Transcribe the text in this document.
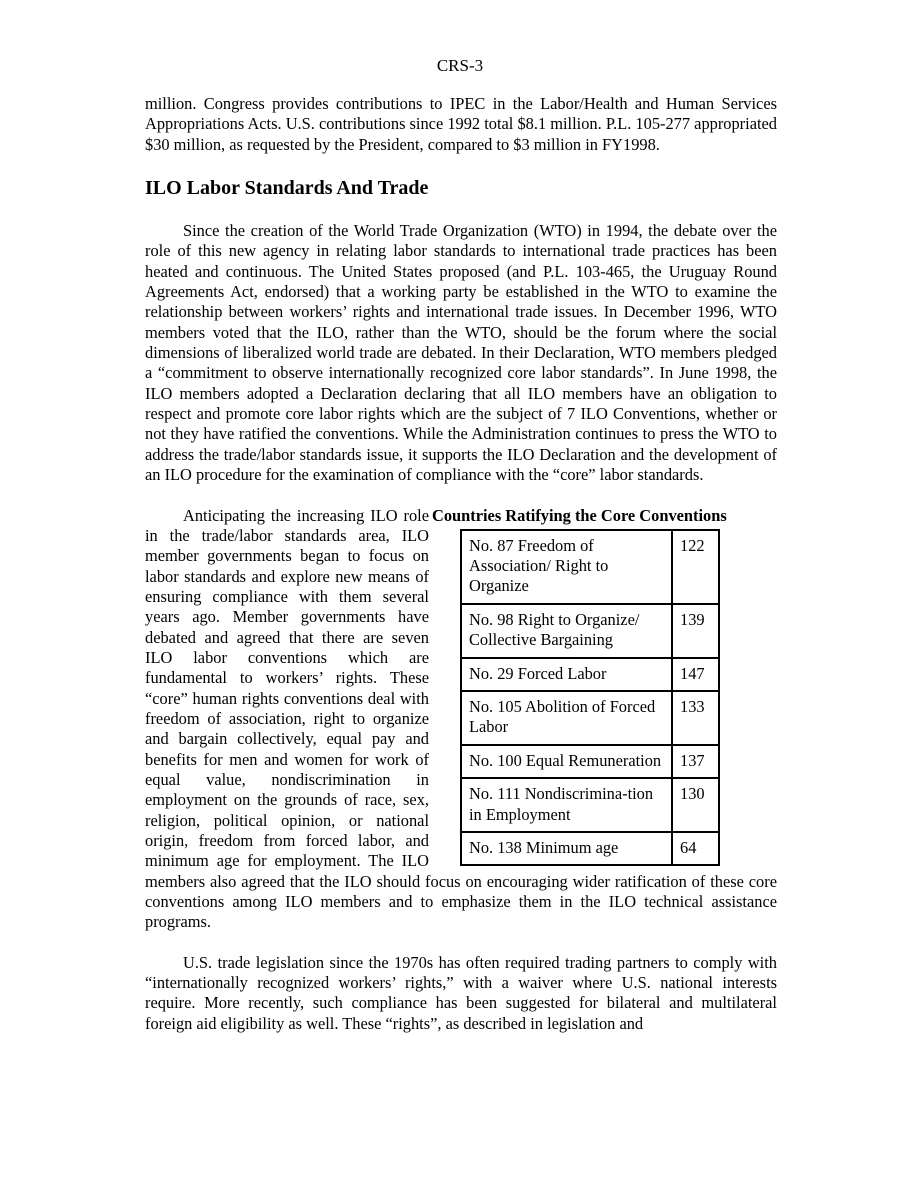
CRS-3

million. Congress provides contributions to IPEC in the Labor/Health and Human Services Appropriations Acts. U.S. contributions since 1992 total $8.1 million. P.L. 105-277 appropriated $30 million, as requested by the President, compared to $3 million in FY1998.

ILO Labor Standards And Trade

Since the creation of the World Trade Organization (WTO) in 1994, the debate over the role of this new agency in relating labor standards to international trade practices has been heated and continuous. The United States proposed (and P.L. 103-465, the Uruguay Round Agreements Act, endorsed) that a working party be established in the WTO to examine the relationship between workers’ rights and international trade issues. In December 1996, WTO members voted that the ILO, rather than the WTO, should be the forum where the social dimensions of liberalized world trade are debated. In their Declaration, WTO members pledged a “commitment to observe internationally recognized core labor standards”. In June 1998, the ILO members adopted a Declaration declaring that all ILO members have an obligation to respect and promote core labor rights which are the subject of 7 ILO Conventions, whether or not they have ratified the conventions. While the Administration continues to press the WTO to address the trade/labor standards issue, it supports the ILO Declaration and the development of an ILO procedure for the examination of compliance with the “core” labor standards.

Countries Ratifying the Core Conventions
No. 87 Freedom of Association/ Right to Organize	122
No. 98 Right to Organize/ Collective Bargaining	139
No. 29 Forced Labor	147
No. 105 Abolition of Forced Labor	133
No. 100 Equal Remuneration	137
No. 111 Nondiscrimina-tion in Employment	130
No. 138 Minimum age	64

Anticipating the increasing ILO role in the trade/labor standards area, ILO member governments began to focus on labor standards and explore new means of ensuring compliance with them several years ago. Member governments have debated and agreed that there are seven ILO labor conventions which are fundamental to workers’ rights. These “core” human rights conventions deal with freedom of association, right to organize and bargain collectively, equal pay and benefits for men and women for work of equal value, nondiscrimination in employment on the grounds of race, sex, religion, political opinion, or national origin, freedom from forced labor, and minimum age for employment. The ILO members also agreed that the ILO should focus on encouraging wider ratification of these core conventions among ILO members and to emphasize them in the ILO technical assistance programs.

U.S. trade legislation since the 1970s has often required trading partners to comply with “internationally recognized workers’ rights,” with a waiver where U.S. national interests require. More recently, such compliance has been suggested for bilateral and multilateral foreign aid eligibility as well. These “rights”, as described in legislation and
